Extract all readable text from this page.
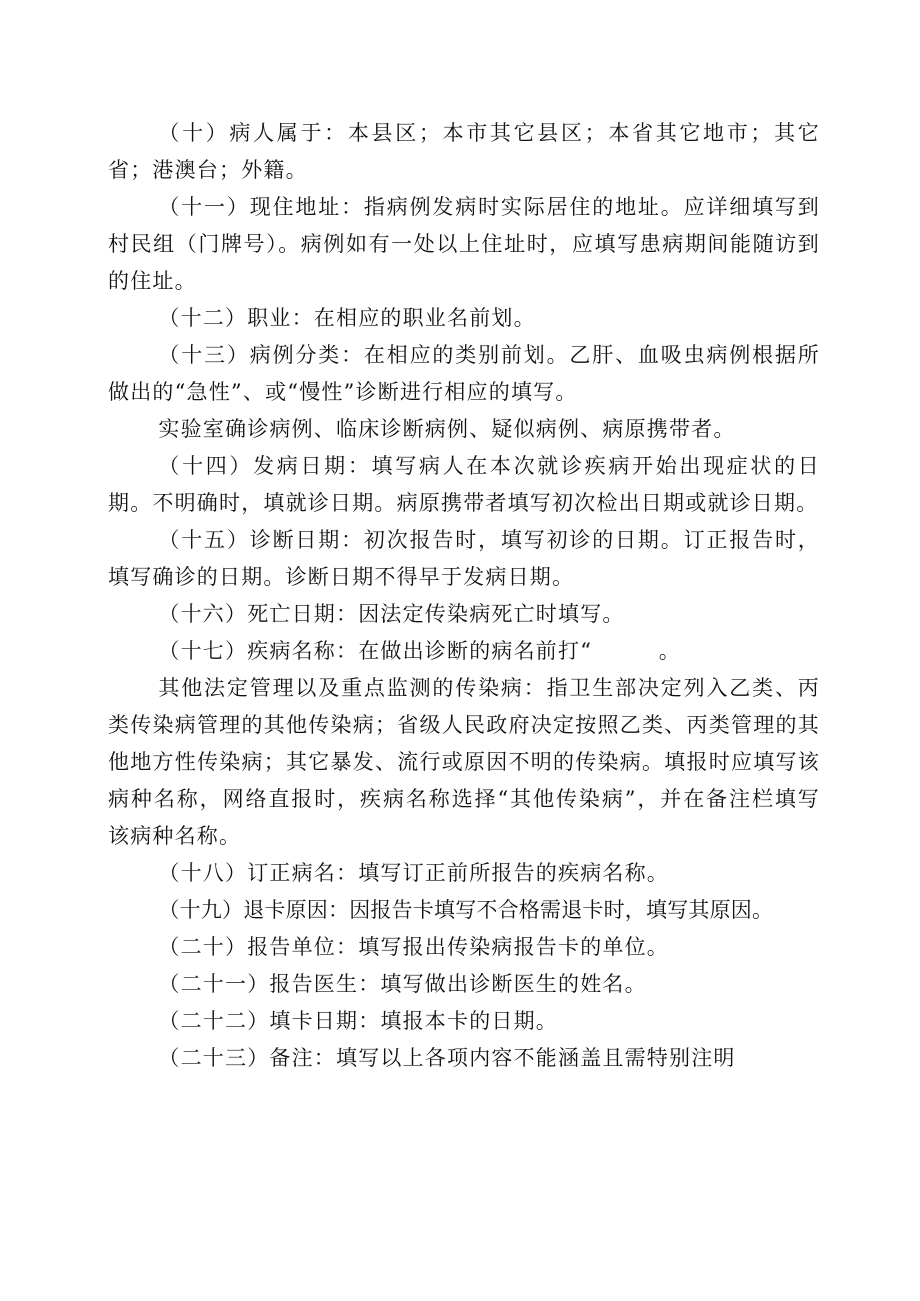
（十）病人属于：本县区；本市其它县区；本省其它地市；其它省；港澳台；外籍。

（十一）现住地址：指病例发病时实际居住的地址。应详细填写到村民组（门牌号）。病例如有一处以上住址时，应填写患病期间能随访到的住址。

（十二）职业：在相应的职业名前划。

（十三）病例分类：在相应的类别前划。乙肝、血吸虫病例根据所做出的“急性”、或“慢性”诊断进行相应的填写。

实验室确诊病例、临床诊断病例、疑似病例、病原携带者。

（十四）发病日期：填写病人在本次就诊疾病开始出现症状的日期。不明确时，填就诊日期。病原携带者填写初次检出日期或就诊日期。

（十五）诊断日期：初次报告时，填写初诊的日期。订正报告时，填写确诊的日期。诊断日期不得早于发病日期。

（十六）死亡日期：因法定传染病死亡时填写。

（十七）疾病名称：在做出诊断的病名前打“　　　。

其他法定管理以及重点监测的传染病：指卫生部决定列入乙类、丙类传染病管理的其他传染病；省级人民政府决定按照乙类、丙类管理的其他地方性传染病；其它暴发、流行或原因不明的传染病。填报时应填写该病种名称，网络直报时，疾病名称选择“其他传染病”，并在备注栏填写该病种名称。

（十八）订正病名：填写订正前所报告的疾病名称。

（十九）退卡原因：因报告卡填写不合格需退卡时，填写其原因。

（二十）报告单位：填写报出传染病报告卡的单位。

（二十一）报告医生：填写做出诊断医生的姓名。

（二十二）填卡日期：填报本卡的日期。

（二十三）备注：填写以上各项内容不能涵盖且需特别注明
